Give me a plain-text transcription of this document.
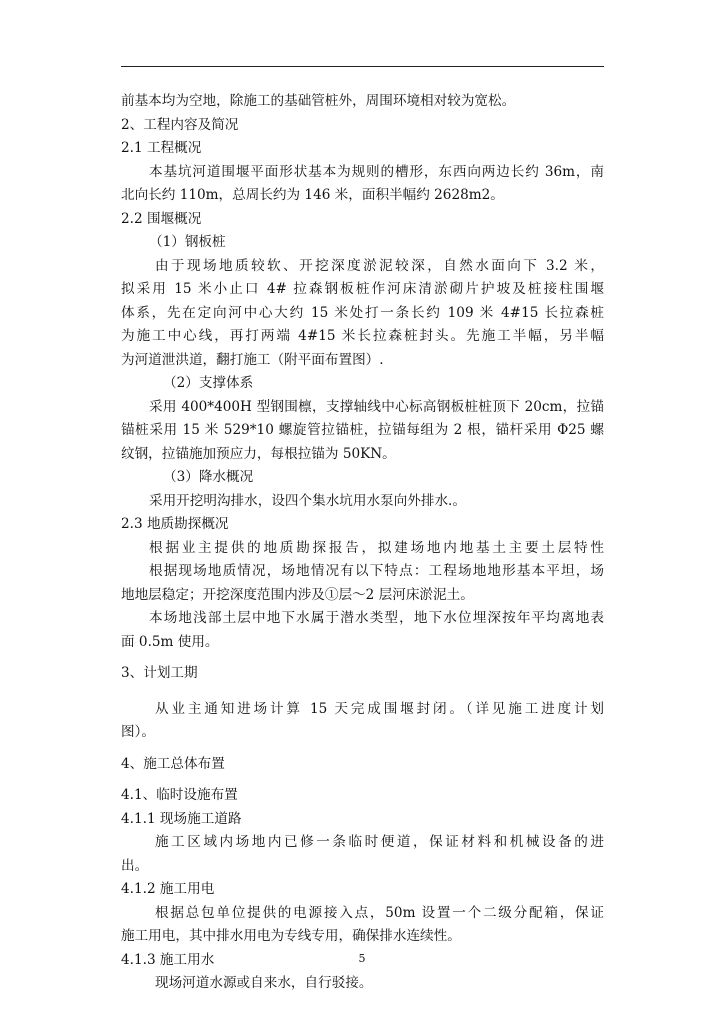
前基本均为空地，除施工的基础管桩外，周围环境相对较为宽松。
2、工程内容及简况
2.1 工程概况
本基坑河道围堰平面形状基本为规则的槽形，东西向两边长约 36m，南
北向长约 110m，总周长约为 146 米，面积半幅约 2628m2。
2.2 围堰概况
（1）钢板桩
由于现场地质较软、开挖深度淤泥较深，自然水面向下 3.2 米，
拟采用 15 米小止口 4# 拉森钢板桩作河床清淤砌片护坡及桩接柱围堰
体系，先在定向河中心大约 15 米处打一条长约 109 米 4#15 长拉森桩
为施工中心线，再打两端 4#15 米长拉森桩封头。先施工半幅，另半幅
为河道泄洪道，翻打施工（附平面布置图）.
（2）支撑体系
采用 400*400H 型钢围檩，支撑轴线中心标高钢板桩桩顶下 20cm，拉锚
锚桩采用 15 米 529*10 螺旋管拉锚桩，拉锚每组为 2 根，锚杆采用 Φ25 螺
纹钢，拉锚施加预应力，每根拉锚为 50KN。
（3）降水概况
采用开挖明沟排水，设四个集水坑用水泵向外排水.。
2.3 地质勘探概况
根据业主提供的地质勘探报告，拟建场地内地基土主要土层特性
根据现场地质情况，场地情况有以下特点：工程场地地形基本平坦，场
地地层稳定；开挖深度范围内涉及①层～2 层河床淤泥土。
本场地浅部土层中地下水属于潜水类型，地下水位埋深按年平均离地表
面 0.5m 使用。
3、计划工期
从业主通知进场计算 15 天完成围堰封闭。（详见施工进度计划
图）。
4、施工总体布置
4.1、临时设施布置
4.1.1 现场施工道路
施工区域内场地内已修一条临时便道，保证材料和机械设备的进
出。
4.1.2 施工用电
根据总包单位提供的电源接入点，50m 设置一个二级分配箱，保证
施工用电，其中排水用电为专线专用，确保排水连续性。
4.1.3 施工用水
现场河道水源或自来水，自行驳接。
5
